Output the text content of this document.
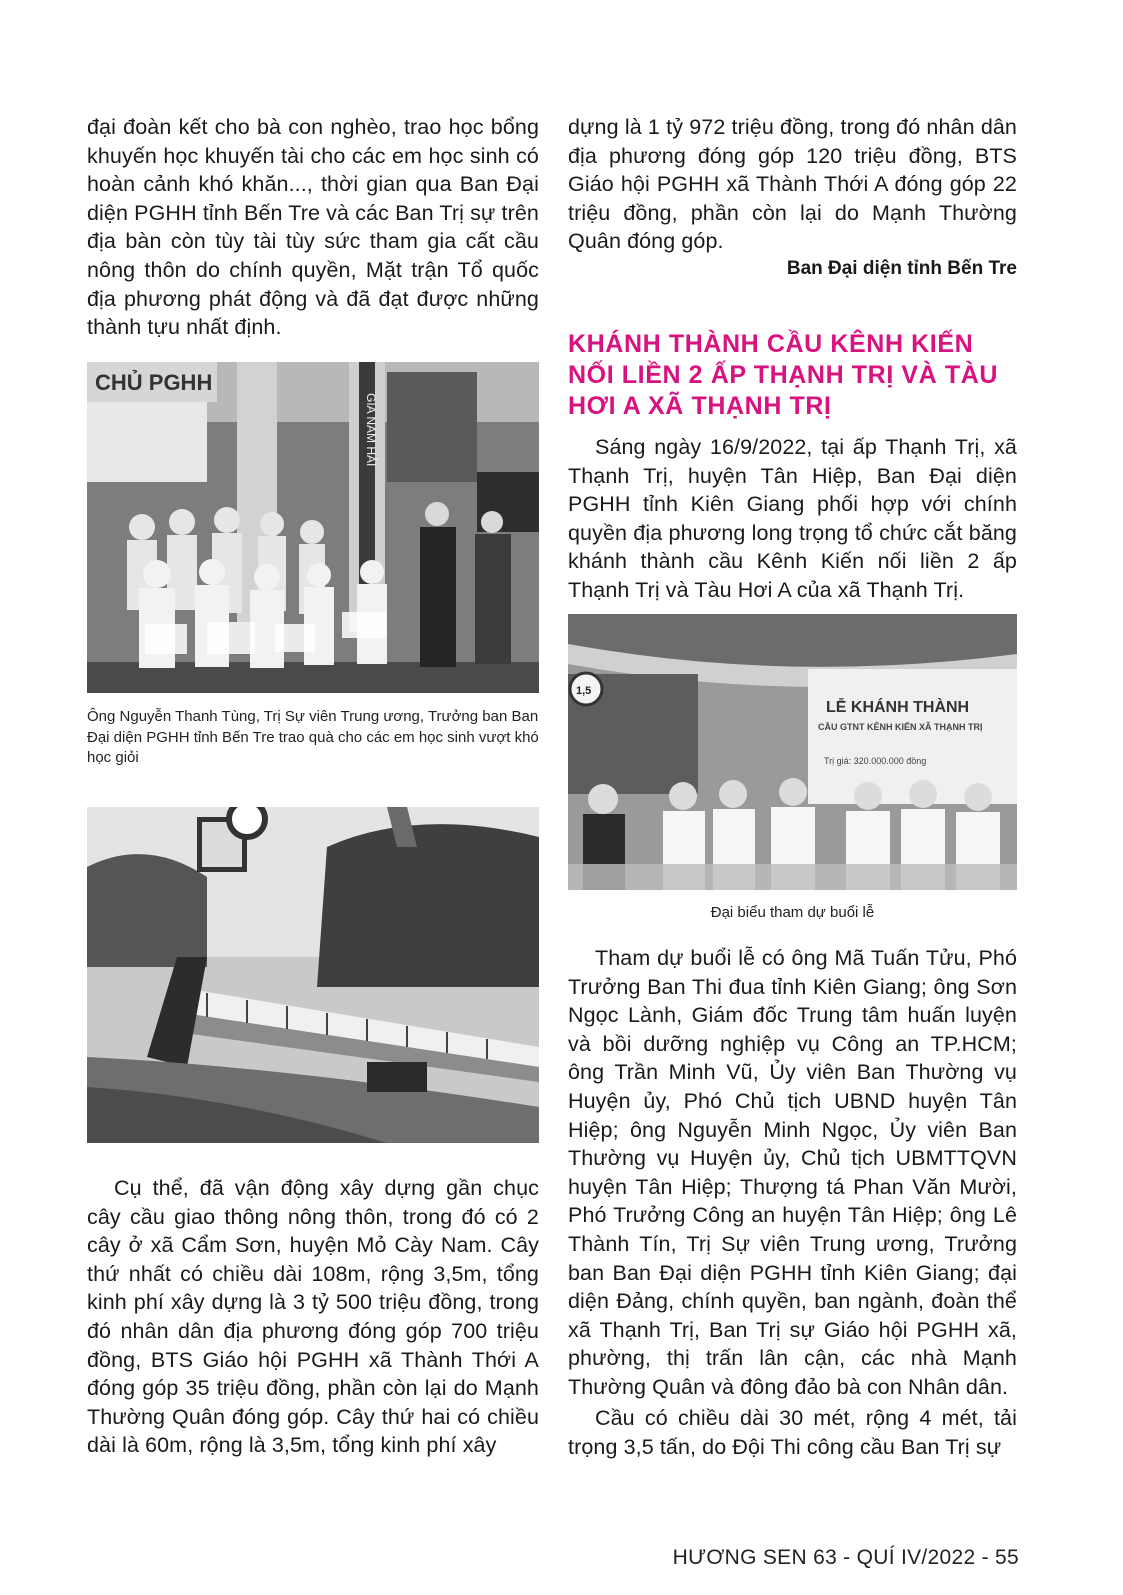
đại đoàn kết cho bà con nghèo, trao học bổng khuyến học khuyến tài cho các em học sinh có hoàn cảnh khó khăn..., thời gian qua Ban Đại diện PGHH tỉnh Bến Tre và các Ban Trị sự trên địa bàn còn tùy tài tùy sức tham gia cất cầu nông thôn do chính quyền, Mặt trận Tổ quốc địa phương phát động và đã đạt được những thành tựu nhất định.

CHỦ PGHH
GIA NAM HẢI

Ông Nguyễn Thanh Tùng, Trị Sự viên Trung ương, Trưởng ban Ban Đại diện PGHH tỉnh Bến Tre trao quà cho các em học sinh vượt khó học giỏi

Cụ thể, đã vận động xây dựng gần chục cây cầu giao thông nông thôn, trong đó có 2 cây ở xã Cẩm Sơn, huyện Mỏ Cày Nam. Cây thứ nhất có chiều dài 108m, rộng 3,5m, tổng kinh phí xây dựng là 3 tỷ 500 triệu đồng, trong đó nhân dân địa phương đóng góp 700 triệu đồng, BTS Giáo hội PGHH xã Thành Thới A đóng góp 35 triệu đồng, phần còn lại do Mạnh Thường Quân đóng góp. Cây thứ hai có chiều dài là 60m, rộng là 3,5m, tổng kinh phí xây

dựng là 1 tỷ 972 triệu đồng, trong đó nhân dân địa phương đóng góp 120 triệu đồng, BTS Giáo hội PGHH xã Thành Thới A đóng góp 22 triệu đồng, phần còn lại do Mạnh Thường Quân đóng góp.

Ban Đại diện tỉnh Bến Tre

KHÁNH THÀNH CẦU KÊNH KIẾN NỐI LIỀN 2 ẤP THẠNH TRỊ VÀ TÀU HƠI A XÃ THẠNH TRỊ

Sáng ngày 16/9/2022, tại ấp Thạnh Trị, xã Thạnh Trị, huyện Tân Hiệp, Ban Đại diện PGHH tỉnh Kiên Giang phối hợp với chính quyền địa phương long trọng tổ chức cắt băng khánh thành cầu Kênh Kiến nối liền 2 ấp Thạnh Trị và Tàu Hơi A của xã Thạnh Trị.

1,5
LỄ KHÁNH THÀNH
CẦU GTNT KÊNH KIẾN XÃ THẠNH TRỊ
Trị giá: 320.000.000 đồng

Đại biểu tham dự buổi lễ

Tham dự buổi lễ có ông Mã Tuấn Tửu, Phó Trưởng Ban Thi đua tỉnh Kiên Giang; ông Sơn Ngọc Lành, Giám đốc Trung tâm huấn luyện và bồi dưỡng nghiệp vụ Công an TP.HCM; ông Trần Minh Vũ, Ủy viên Ban Thường vụ Huyện ủy, Phó Chủ tịch UBND huyện Tân Hiệp; ông Nguyễn Minh Ngọc, Ủy viên Ban Thường vụ Huyện ủy, Chủ tịch UBMTTQVN huyện Tân Hiệp; Thượng tá Phan Văn Mười, Phó Trưởng Công an huyện Tân Hiệp; ông Lê Thành Tín, Trị Sự viên Trung ương, Trưởng ban Ban Đại diện PGHH tỉnh Kiên Giang; đại diện Đảng, chính quyền, ban ngành, đoàn thể xã Thạnh Trị, Ban Trị sự Giáo hội PGHH xã, phường, thị trấn lân cận, các nhà Mạnh Thường Quân và đông đảo bà con Nhân dân.

Cầu có chiều dài 30 mét, rộng 4 mét, tải trọng 3,5 tấn, do Đội Thi công cầu Ban Trị sự

HƯƠNG SEN 63 - QUÍ IV/2022 - 55
